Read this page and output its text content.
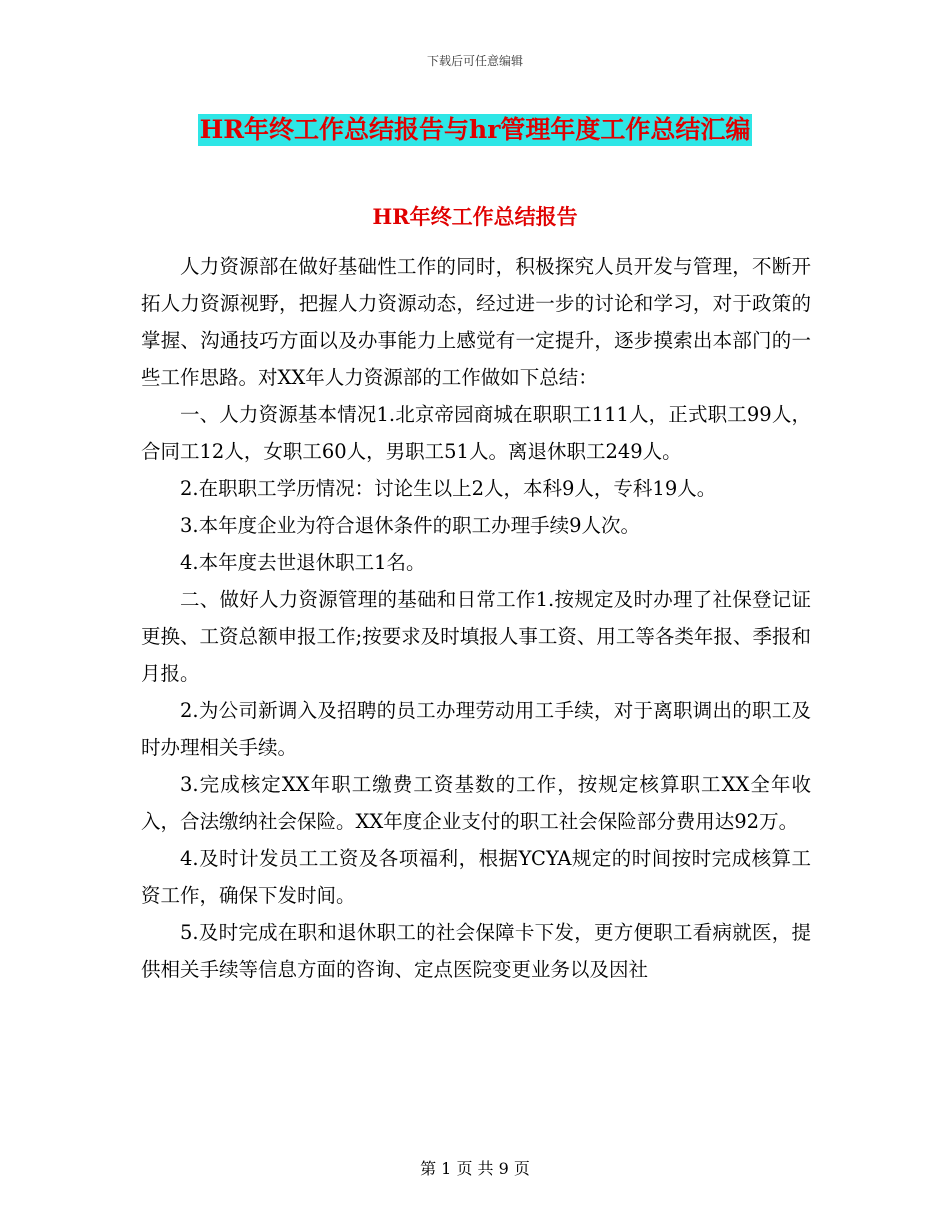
下载后可任意编辑
HR年终工作总结报告与hr管理年度工作总结汇编
HR年终工作总结报告

人力资源部在做好基础性工作的同时，积极探究人员开发与管理，不断开拓人力资源视野，把握人力资源动态，经过进一步的讨论和学习，对于政策的掌握、沟通技巧方面以及办事能力上感觉有一定提升，逐步摸索出本部门的一些工作思路。对XX年人力资源部的工作做如下总结：

一、人力资源基本情况1.北京帝园商城在职职工111人，正式职工99人，合同工12人，女职工60人，男职工51人。离退休职工249人。

2.在职职工学历情况：讨论生以上2人，本科9人，专科19人。

3.本年度企业为符合退休条件的职工办理手续9人次。

4.本年度去世退休职工1名。

二、做好人力资源管理的基础和日常工作1.按规定及时办理了社保登记证更换、工资总额申报工作;按要求及时填报人事工资、用工等各类年报、季报和月报。

2.为公司新调入及招聘的员工办理劳动用工手续，对于离职调出的职工及时办理相关手续。

3.完成核定XX年职工缴费工资基数的工作，按规定核算职工XX全年收入，合法缴纳社会保险。XX年度企业支付的职工社会保险部分费用达92万。

4.及时计发员工工资及各项福利，根据YCYA规定的时间按时完成核算工资工作，确保下发时间。

5.及时完成在职和退休职工的社会保障卡下发，更方便职工看病就医，提供相关手续等信息方面的咨询、定点医院变更业务以及因社

第 1 页 共 9 页
